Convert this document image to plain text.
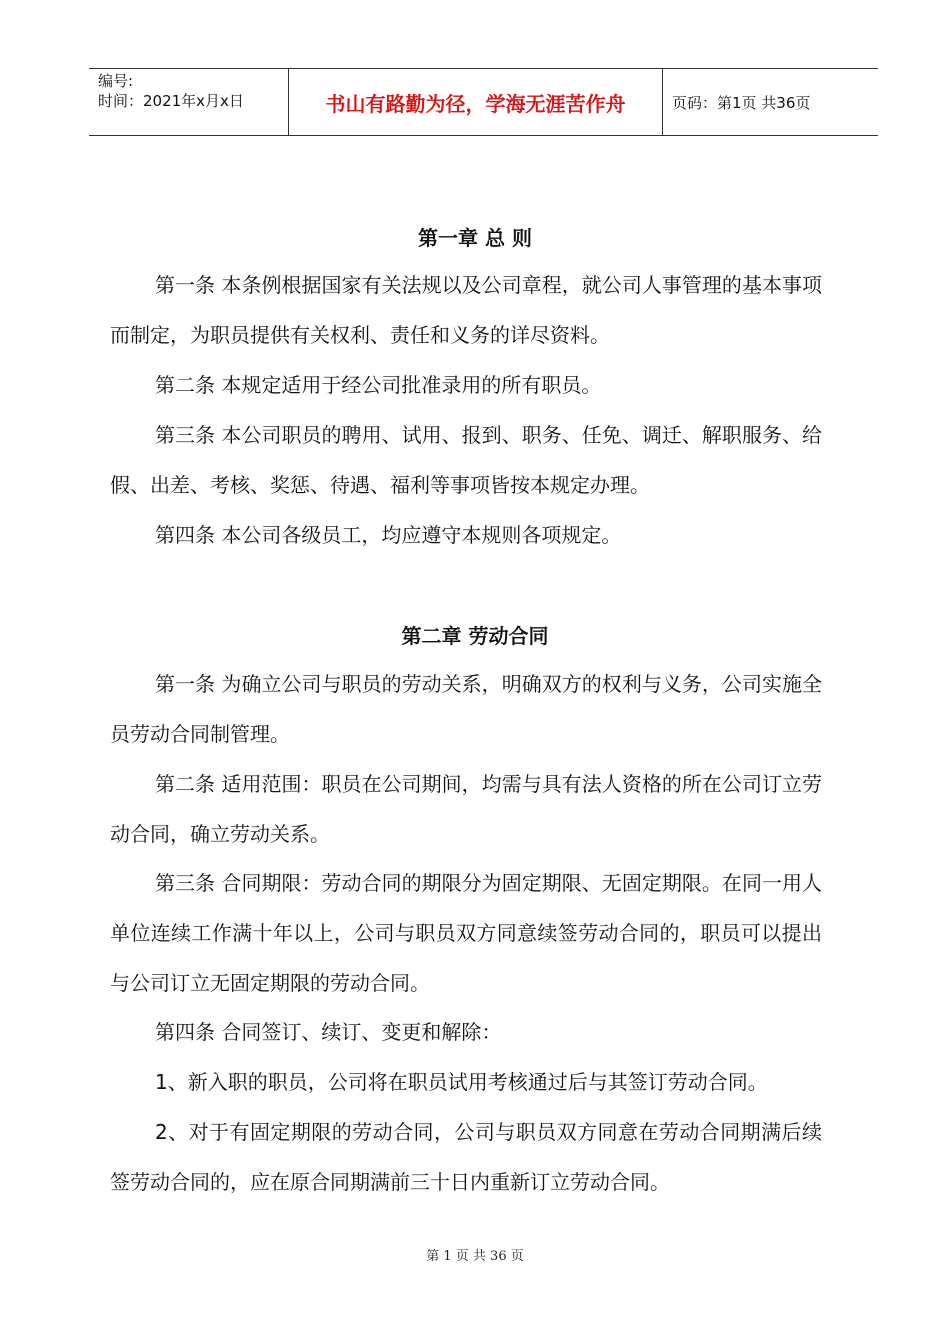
编号:
时间：2021年x月x日	书山有路勤为径，学海无涯苦作舟	页码：第1页 共36页
第一章 总 则
第一条 本条例根据国家有关法规以及公司章程，就公司人事管理的基本事项而制定，为职员提供有关权利、责任和义务的详尽资料。
第二条 本规定适用于经公司批准录用的所有职员。
第三条 本公司职员的聘用、试用、报到、职务、任免、调迁、解职服务、给假、出差、考核、奖惩、待遇、福利等事项皆按本规定办理。
第四条 本公司各级员工，均应遵守本规则各项规定。
第二章 劳动合同
第一条 为确立公司与职员的劳动关系，明确双方的权利与义务，公司实施全员劳动合同制管理。
第二条 适用范围：职员在公司期间，均需与具有法人资格的所在公司订立劳动合同，确立劳动关系。
第三条 合同期限：劳动合同的期限分为固定期限、无固定期限。在同一用人单位连续工作满十年以上，公司与职员双方同意续签劳动合同的，职员可以提出与公司订立无固定期限的劳动合同。
第四条 合同签订、续订、变更和解除：
1、新入职的职员，公司将在职员试用考核通过后与其签订劳动合同。
2、对于有固定期限的劳动合同，公司与职员双方同意在劳动合同期满后续签劳动合同的，应在原合同期满前三十日内重新订立劳动合同。
第 1 页 共 36 页
